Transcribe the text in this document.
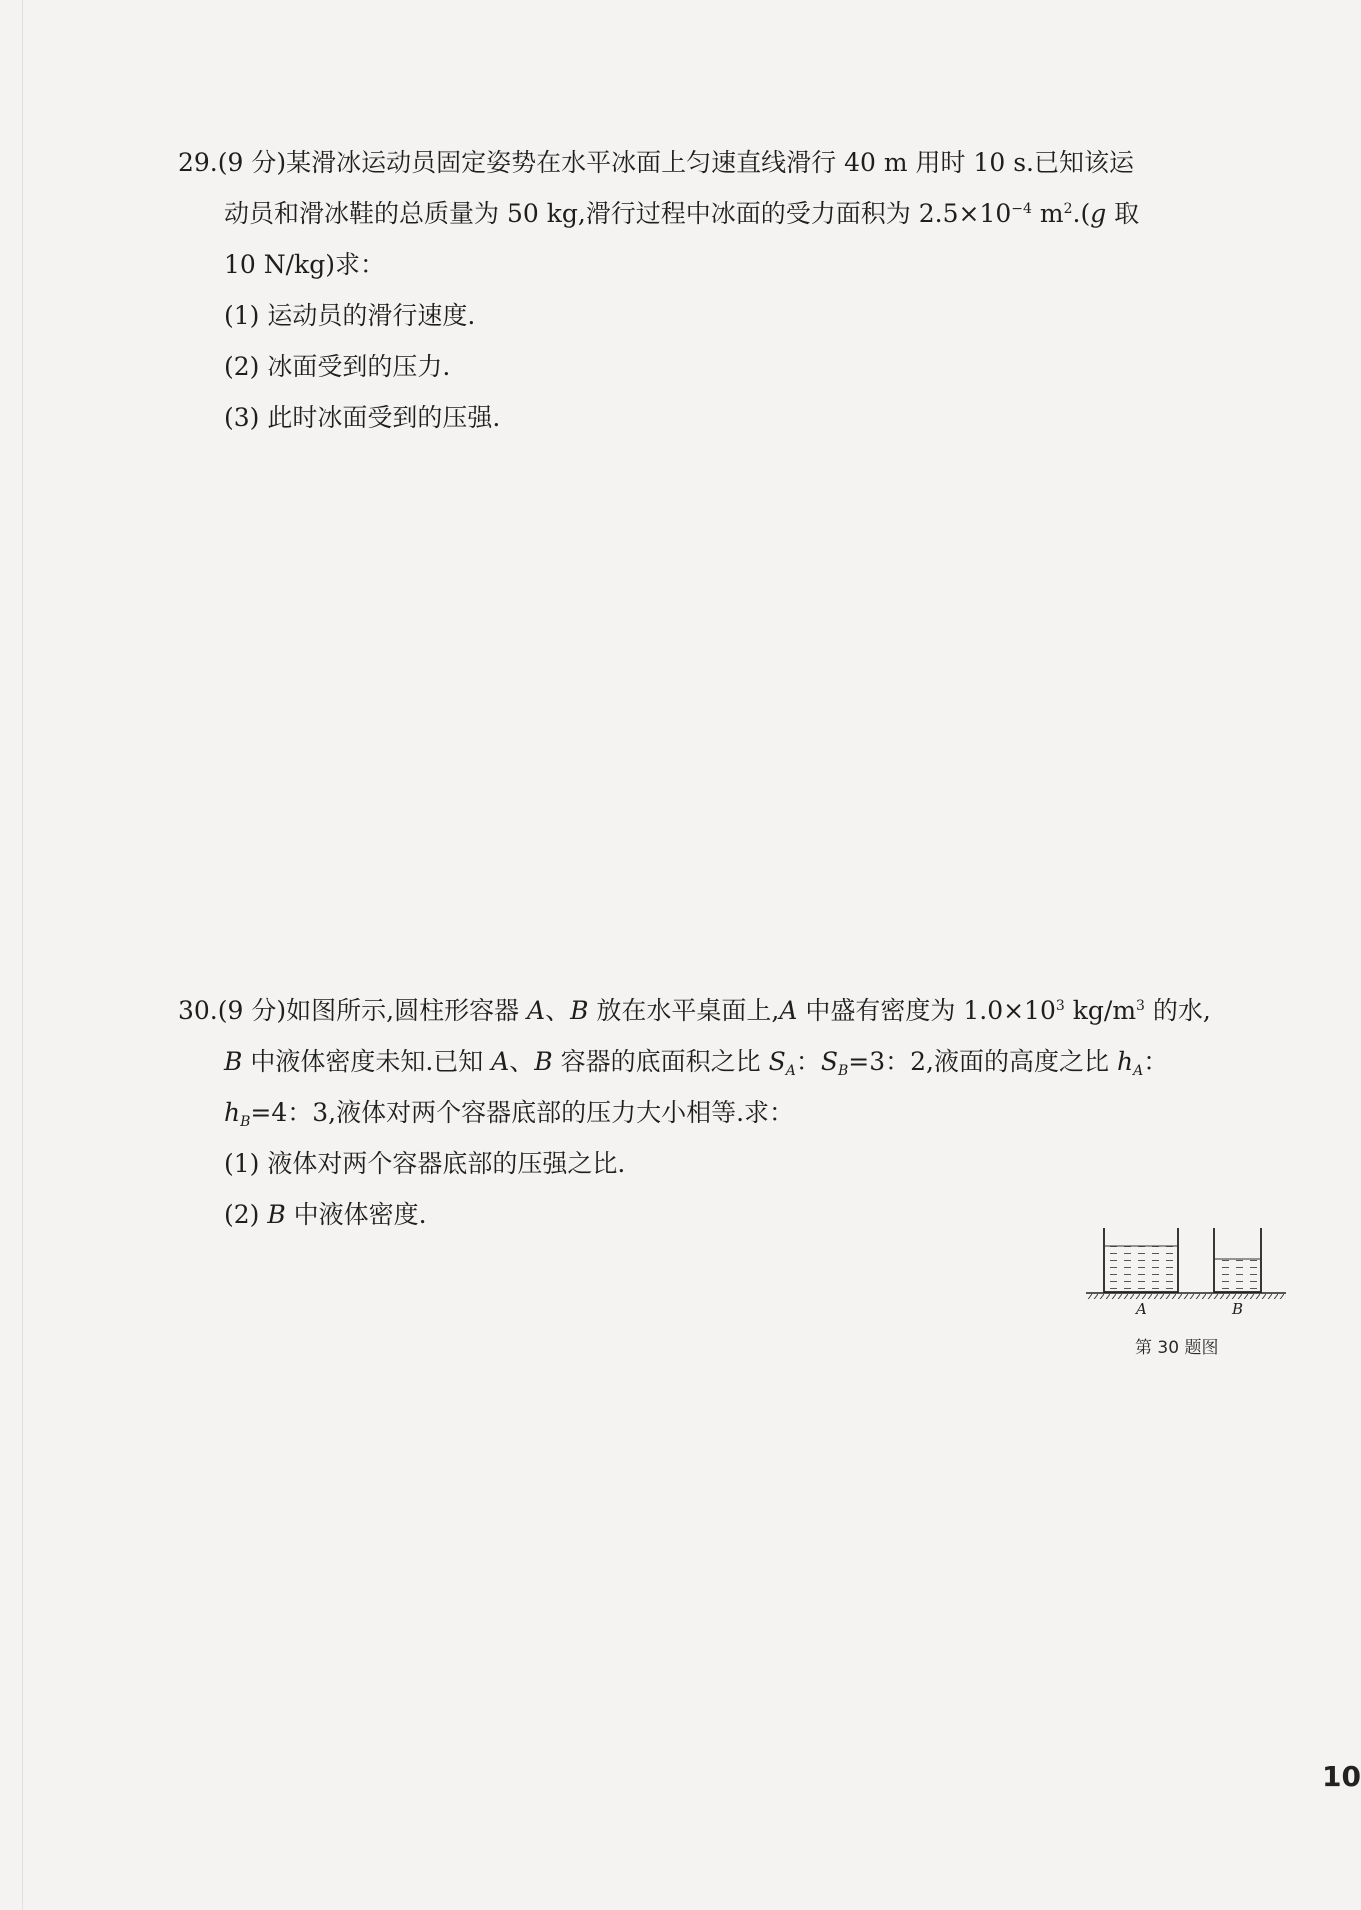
29.(9 分)某滑冰运动员固定姿势在水平冰面上匀速直线滑行 40 m 用时 10 s.已知该运

动员和滑冰鞋的总质量为 50 kg,滑行过程中冰面的受力面积为 $2.5\times 10^{-4}$ $m^2.(g$ 取

10 N/kg)求：

(1) 运动员的滑行速度.

(2) 冰面受到的压力.

(3) 此时冰面受到的压强.

30.(9 分)如图所示,圆柱形容器 A、B 放在水平桌面上,A 中盛有密度为 $1.0\times 10^3$ $kg/m^3$ 的水,

B 中液体密度未知.已知 A、B 容器的底面积之比 $S_A$：$S_B=3$：2,液面的高度之比 $h_A$：

$h_B=4$：3,液体对两个容器底部的压力大小相等.求：

(1) 液体对两个容器底部的压强之比.

(2) B 中液体密度.

A	B
第 30 题图
10
